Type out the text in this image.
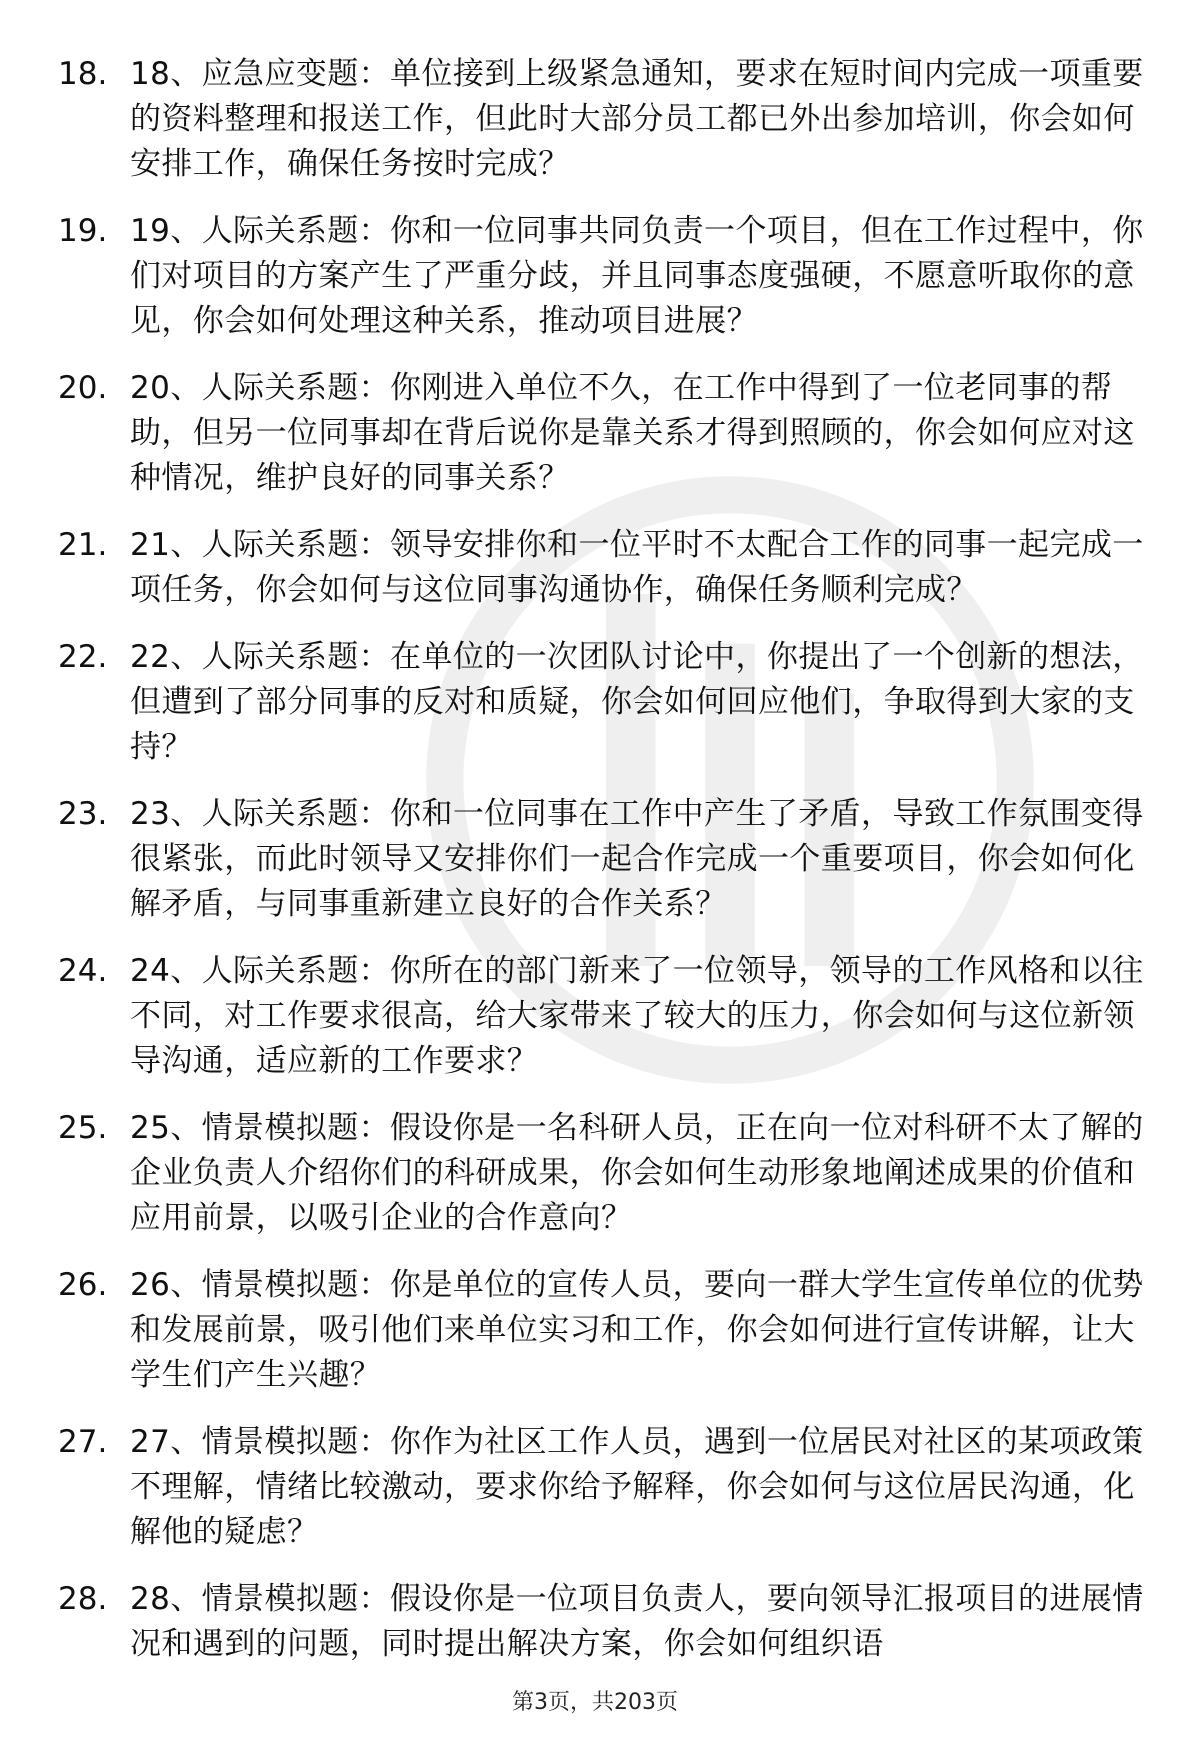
18. 18、应急应变题：单位接到上级紧急通知，要求在短时间内完成一项重要的资料整理和报送工作，但此时大部分员工都已外出参加培训，你会如何安排工作，确保任务按时完成？
19. 19、人际关系题：你和一位同事共同负责一个项目，但在工作过程中，你们对项目的方案产生了严重分歧，并且同事态度强硬，不愿意听取你的意见，你会如何处理这种关系，推动项目进展？
20. 20、人际关系题：你刚进入单位不久，在工作中得到了一位老同事的帮助，但另一位同事却在背后说你是靠关系才得到照顾的，你会如何应对这种情况，维护良好的同事关系？
21. 21、人际关系题：领导安排你和一位平时不太配合工作的同事一起完成一项任务，你会如何与这位同事沟通协作，确保任务顺利完成？
22. 22、人际关系题：在单位的一次团队讨论中，你提出了一个创新的想法，但遭到了部分同事的反对和质疑，你会如何回应他们，争取得到大家的支持？
23. 23、人际关系题：你和一位同事在工作中产生了矛盾，导致工作氛围变得很紧张，而此时领导又安排你们一起合作完成一个重要项目，你会如何化解矛盾，与同事重新建立良好的合作关系？
24. 24、人际关系题：你所在的部门新来了一位领导，领导的工作风格和以往不同，对工作要求很高，给大家带来了较大的压力，你会如何与这位新领导沟通，适应新的工作要求？
25. 25、情景模拟题：假设你是一名科研人员，正在向一位对科研不太了解的企业负责人介绍你们的科研成果，你会如何生动形象地阐述成果的价值和应用前景，以吸引企业的合作意向？
26. 26、情景模拟题：你是单位的宣传人员，要向一群大学生宣传单位的优势和发展前景，吸引他们来单位实习和工作，你会如何进行宣传讲解，让大学生们产生兴趣？
27. 27、情景模拟题：你作为社区工作人员，遇到一位居民对社区的某项政策不理解，情绪比较激动，要求你给予解释，你会如何与这位居民沟通，化解他的疑虑？
28. 28、情景模拟题：假设你是一位项目负责人，要向领导汇报项目的进展情况和遇到的问题，同时提出解决方案，你会如何组织语
第3页，共203页
